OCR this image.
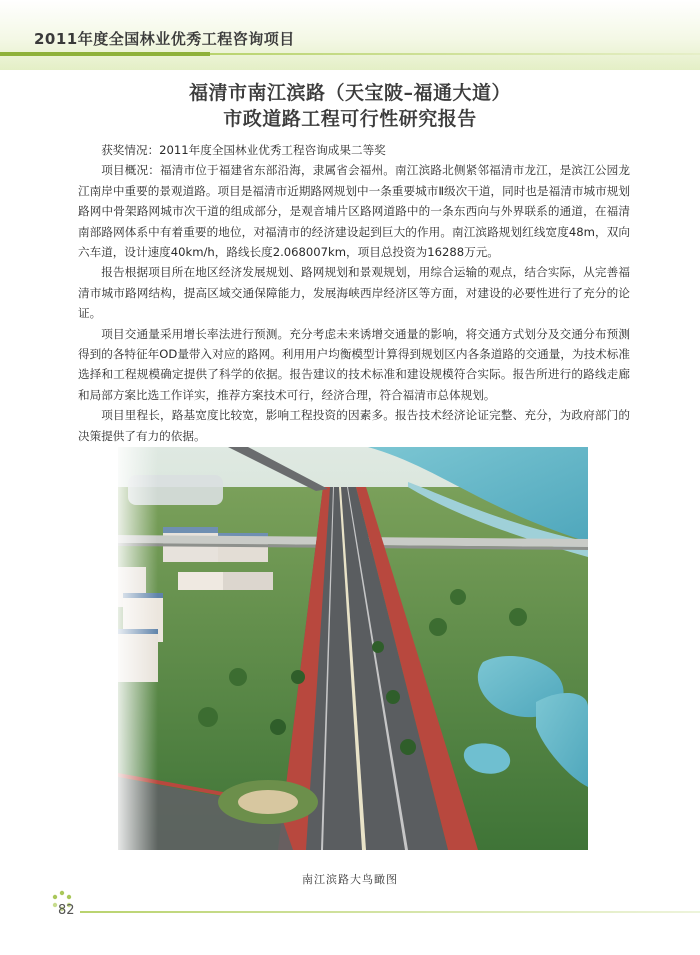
2011年度全国林业优秀工程咨询项目
福清市南江滨路（天宝陂–福通大道）
市政道路工程可行性研究报告

获奖情况：2011年度全国林业优秀工程咨询成果二等奖

项目概况：福清市位于福建省东部沿海，隶属省会福州。南江滨路北侧紧邻福清市龙江，是滨江公园龙江南岸中重要的景观道路。项目是福清市近期路网规划中一条重要城市Ⅱ级次干道，同时也是福清市城市规划路网中骨架路网城市次干道的组成部分，是观音埔片区路网道路中的一条东西向与外界联系的通道，在福清南部路网体系中有着重要的地位，对福清市的经济建设起到巨大的作用。南江滨路规划红线宽度48m，双向六车道，设计速度40km/h，路线长度2.068007km，项目总投资为16288万元。

报告根据项目所在地区经济发展规划、路网规划和景观规划，用综合运输的观点，结合实际，从完善福清市城市路网结构，提高区域交通保障能力，发展海峡西岸经济区等方面，对建设的必要性进行了充分的论证。

项目交通量采用增长率法进行预测。充分考虑未来诱增交通量的影响，将交通方式划分及交通分布预测得到的各特征年OD量带入对应的路网。利用用户均衡模型计算得到规划区内各条道路的交通量，为技术标准选择和工程规模确定提供了科学的依据。报告建议的技术标准和建设规模符合实际。报告所进行的路线走廊和局部方案比选工作详实，推荐方案技术可行，经济合理，符合福清市总体规划。

项目里程长，路基宽度比较宽，影响工程投资的因素多。报告技术经济论证完整、充分，为政府部门的决策提供了有力的依据。

南江滨路大鸟瞰图
82
